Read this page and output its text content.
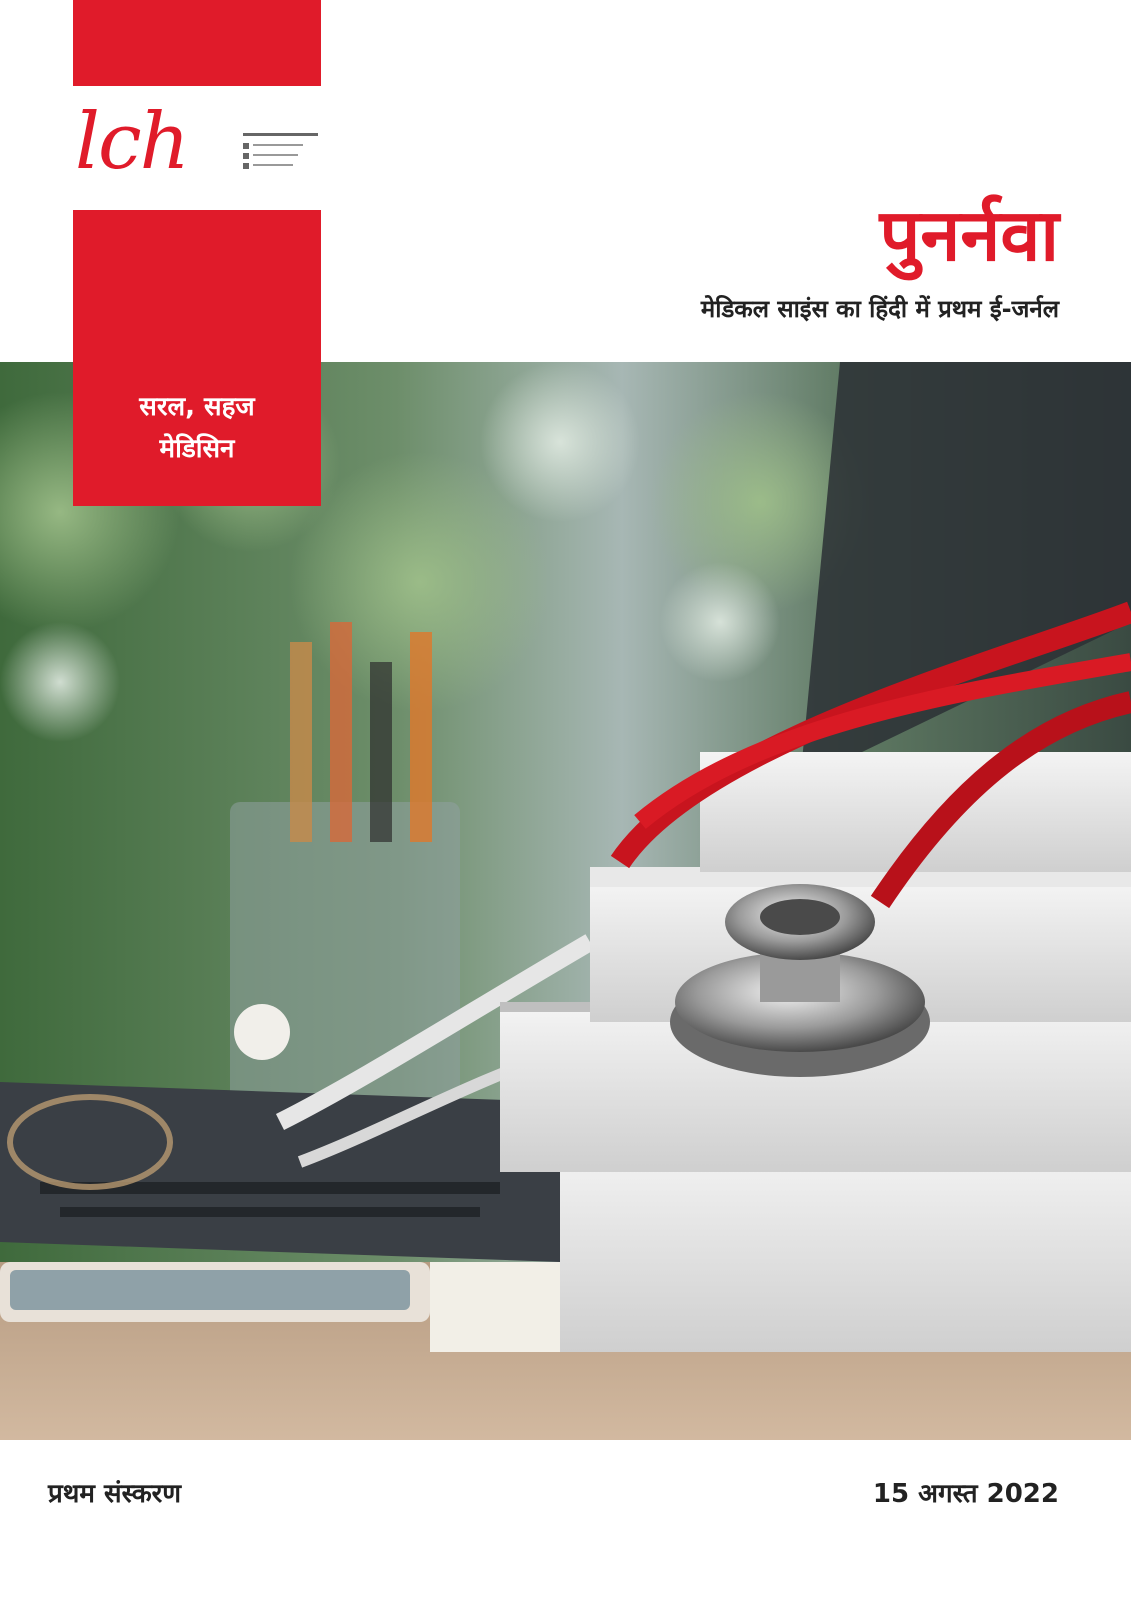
lch
पुनर्नवा
मेडिकल साइंस का हिंदी में प्रथम ई-जर्नल
सरल, सहज
मेडिसिन
प्रथम संस्करण	15 अगस्त 2022
